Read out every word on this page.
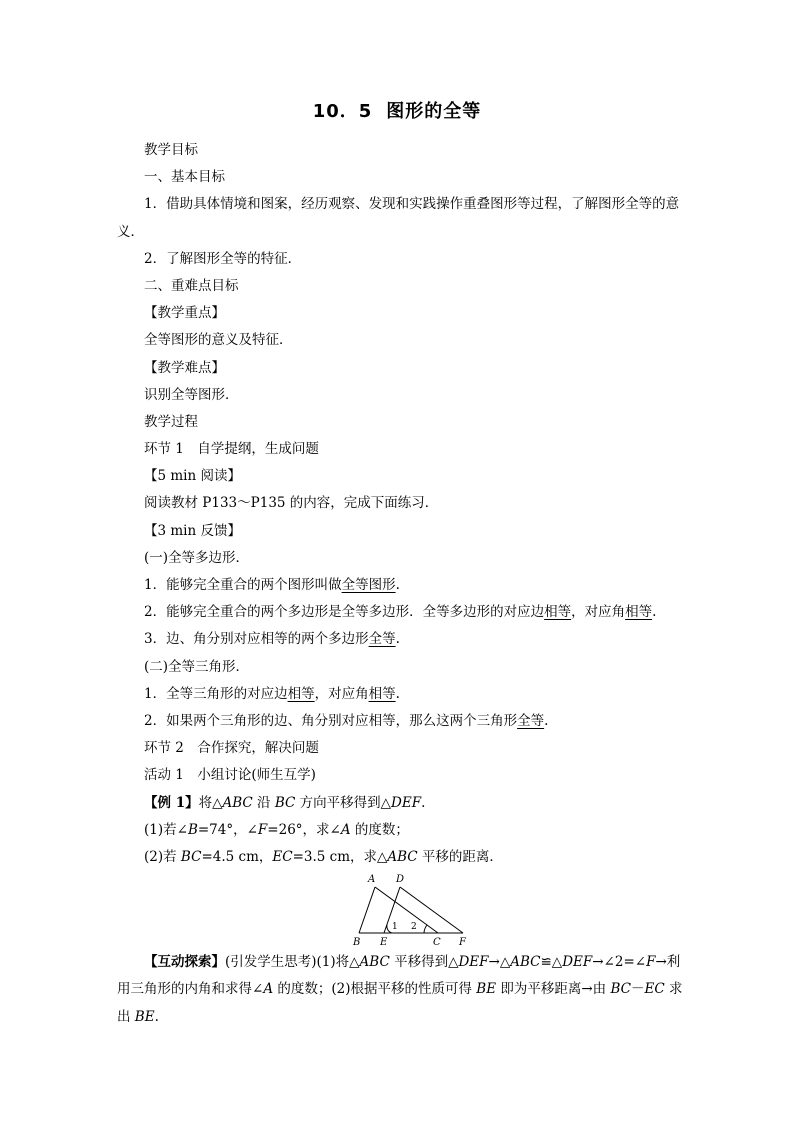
10．5 图形的全等
教学目标
一、基本目标
1．借助具体情境和图案，经历观察、发现和实践操作重叠图形等过程，了解图形全等的意义．
2．了解图形全等的特征．
二、重难点目标
【教学重点】
全等图形的意义及特征．
【教学难点】
识别全等图形．
教学过程
环节 1　自学提纲，生成问题
【5 min 阅读】
阅读教材 P133～P135 的内容，完成下面练习．
【3 min 反馈】
(一)全等多边形．
1．能够完全重合的两个图形叫做全等图形.
2．能够完全重合的两个多边形是全等多边形．全等多边形的对应边相等，对应角相等.
3．边、角分别对应相等的两个多边形全等.
(二)全等三角形．
1．全等三角形的对应边相等，对应角相等.
2．如果两个三角形的边、角分别对应相等，那么这两个三角形全等.
环节 2　合作探究，解决问题
活动 1　小组讨论(师生互学)
【例 1】将△ABC 沿 BC 方向平移得到△DEF.
(1)若∠B=74°，∠F=26°，求∠A 的度数；
(2)若 BC=4.5 cm，EC=3.5 cm，求△ABC 平移的距离．
A D
B E	C F
1 2
【互动探索】(引发学生思考)(1)将△ABC 平移得到△DEF→△ABC≌△DEF→∠2=∠F→利用三角形的内角和求得∠A 的度数；(2)根据平移的性质可得 BE 即为平移距离→由 BC－EC 求出 BE.
